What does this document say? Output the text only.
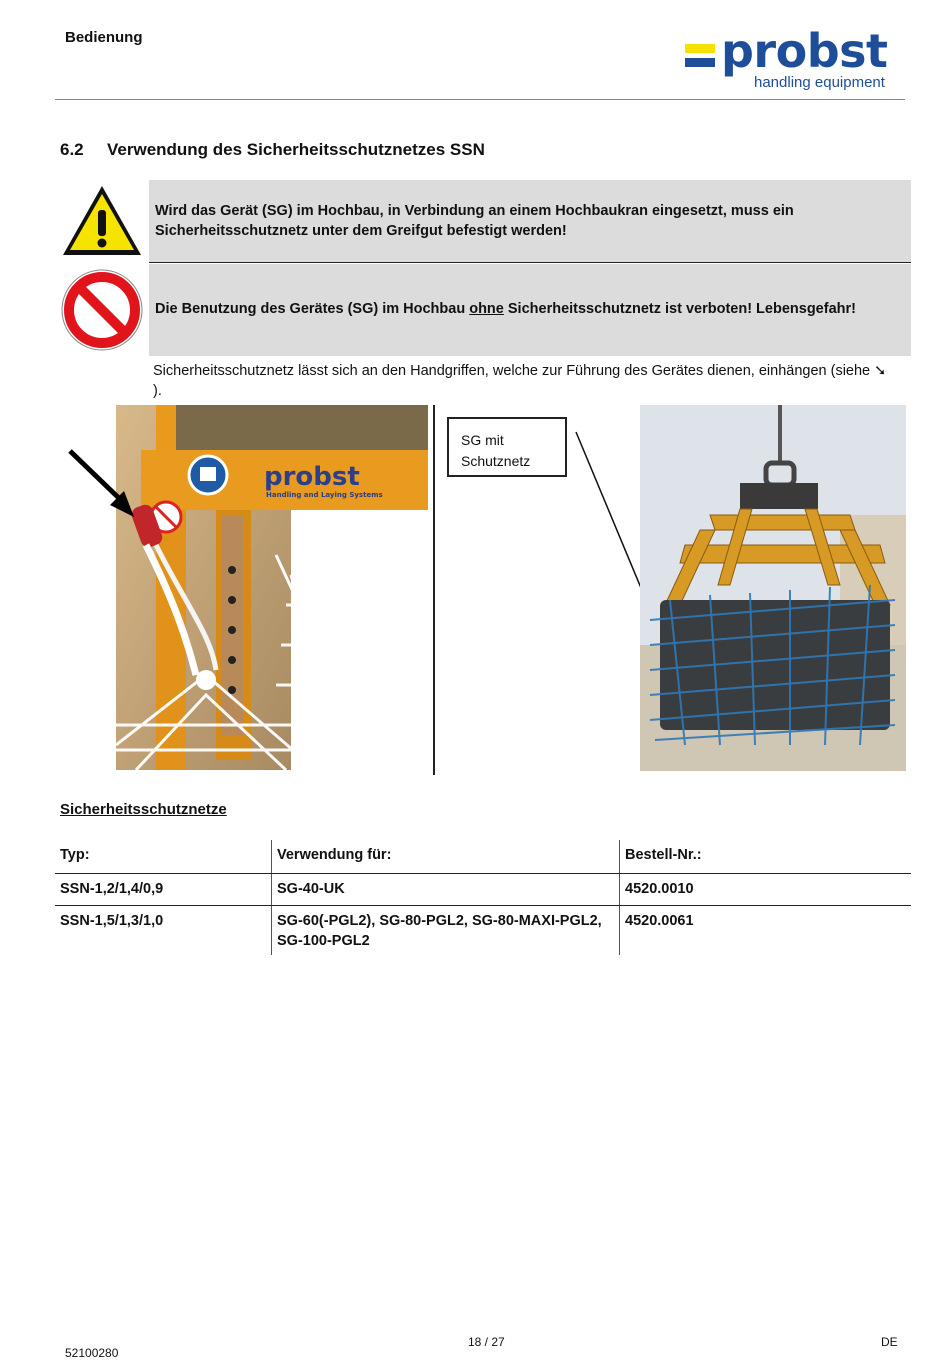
Bedienung	probst
handling equipment
6.2 Verwendung des Sicherheitsschutznetzes SSN
Wird das Gerät (SG) im Hochbau, in Verbindung an einem Hochbaukran eingesetzt, muss ein Sicherheitsschutznetz unter dem Greifgut befestigt werden!
Die Benutzung des Gerätes (SG) im Hochbau ohne Sicherheitsschutznetz ist verboten! Lebensgefahr!
Sicherheitsschutznetz lässt sich an den Handgriffen, welche zur Führung des Gerätes dienen, einhängen (siehe ➘).
probst
Handling and Laying Systems
SG mit Schutznetz
Sicherheitsschutznetze
Typ:	Verwendung für:	Bestell-Nr.:
SSN-1,2/1,4/0,9	SG-40-UK	4520.0010
SSN-1,5/1,3/1,0	SG-60(-PGL2), SG-80-PGL2, SG-80-MAXI-PGL2, SG-100-PGL2	4520.0061
18 / 27	DE
52100280
